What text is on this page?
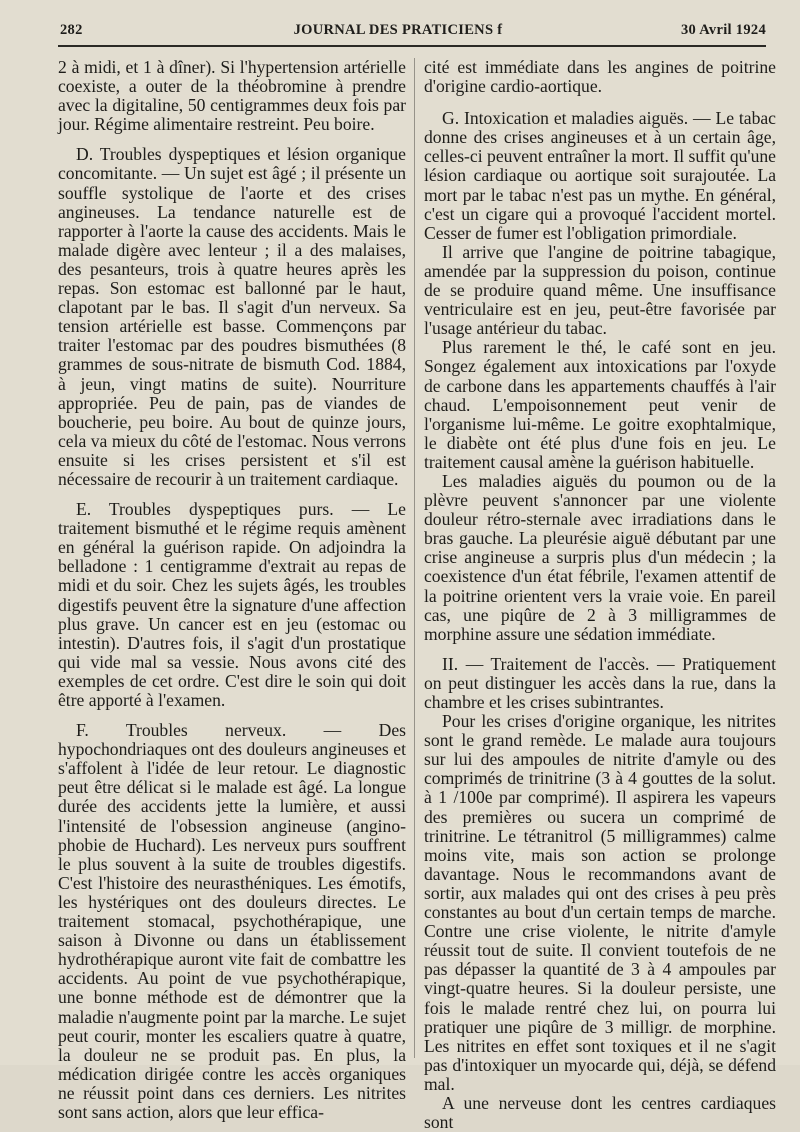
282	JOURNAL DES PRATICIENS f	30 Avril 1924

2 à midi, et 1 à dîner). Si l'hypertension artérielle coexiste, a outer de la théobromine à prendre avec la digitaline, 50 centigrammes deux fois par jour. Régime alimentaire restreint. Peu boire.

D. Troubles dyspeptiques et lésion organique concomitante. — Un sujet est âgé ; il présente un souffle systolique de l'aorte et des crises angineuses. La tendance naturelle est de rapporter à l'aorte la cause des accidents. Mais le malade digère avec lenteur ; il a des malaises, des pesanteurs, trois à quatre heures après les repas. Son estomac est ballonné par le haut, clapotant par le bas. Il s'agit d'un nerveux. Sa tension artérielle est basse. Commençons par traiter l'estomac par des poudres bismuthées (8 grammes de sous-nitrate de bismuth Cod. 1884, à jeun, vingt matins de suite). Nourriture appropriée. Peu de pain, pas de viandes de boucherie, peu boire. Au bout de quinze jours, cela va mieux du côté de l'estomac. Nous verrons ensuite si les crises persistent et s'il est nécessaire de recourir à un traitement cardiaque.

E. Troubles dyspeptiques purs. — Le traitement bismuthé et le régime requis amènent en général la guérison rapide. On adjoindra la belladone : 1 centigramme d'extrait au repas de midi et du soir. Chez les sujets âgés, les troubles digestifs peuvent être la signature d'une affection plus grave. Un cancer est en jeu (estomac ou intestin). D'autres fois, il s'agit d'un prostatique qui vide mal sa vessie. Nous avons cité des exemples de cet ordre. C'est dire le soin qui doit être apporté à l'examen.

F. Troubles nerveux. — Des hypochondriaques ont des douleurs angineuses et s'affolent à l'idée de leur retour. Le diagnostic peut être délicat si le malade est âgé. La longue durée des accidents jette la lumière, et aussi l'intensité de l'obsession angineuse (angino-phobie de Huchard). Les nerveux purs souffrent le plus souvent à la suite de troubles digestifs. C'est l'histoire des neurasthéniques. Les émotifs, les hystériques ont des douleurs directes. Le traitement stomacal, psychothérapique, une saison à Divonne ou dans un établissement hydrothérapique auront vite fait de combattre les accidents. Au point de vue psychothérapique, une bonne méthode est de démontrer que la maladie n'augmente point par la marche. Le sujet peut courir, monter les escaliers quatre à quatre, la douleur ne se produit pas. En plus, la médication dirigée contre les accès organiques ne réussit point dans ces derniers. Les nitrites sont sans action, alors que leur effica-

cité est immédiate dans les angines de poitrine d'origine cardio-aortique.

G. Intoxication et maladies aiguës. — Le tabac donne des crises angineuses et à un certain âge, celles-ci peuvent entraîner la mort. Il suffit qu'une lésion cardiaque ou aortique soit surajoutée. La mort par le tabac n'est pas un mythe. En général, c'est un cigare qui a provoqué l'accident mortel. Cesser de fumer est l'obligation primordiale.

Il arrive que l'angine de poitrine tabagique, amendée par la suppression du poison, continue de se produire quand même. Une insuffisance ventriculaire est en jeu, peut-être favorisée par l'usage antérieur du tabac.

Plus rarement le thé, le café sont en jeu. Songez également aux intoxications par l'oxyde de carbone dans les appartements chauffés à l'air chaud. L'empoisonnement peut venir de l'organisme lui-même. Le goitre exophtalmique, le diabète ont été plus d'une fois en jeu. Le traitement causal amène la guérison habituelle.

Les maladies aiguës du poumon ou de la plèvre peuvent s'annoncer par une violente douleur rétro-sternale avec irradiations dans le bras gauche. La pleurésie aiguë débutant par une crise angineuse a surpris plus d'un médecin ; la coexistence d'un état fébrile, l'examen attentif de la poitrine orientent vers la vraie voie. En pareil cas, une piqûre de 2 à 3 milligrammes de morphine assure une sédation immédiate.

II. — Traitement de l'accès. — Pratiquement on peut distinguer les accès dans la rue, dans la chambre et les crises subintrantes.

Pour les crises d'origine organique, les nitrites sont le grand remède. Le malade aura toujours sur lui des ampoules de nitrite d'amyle ou des comprimés de trinitrine (3 à 4 gouttes de la solut. à 1 /100e par comprimé). Il aspirera les vapeurs des premières ou sucera un comprimé de trinitrine. Le tétranitrol (5 milligrammes) calme moins vite, mais son action se prolonge davantage. Nous le recommandons avant de sortir, aux malades qui ont des crises à peu près constantes au bout d'un certain temps de marche. Contre une crise violente, le nitrite d'amyle réussit tout de suite. Il convient toutefois de ne pas dépasser la quantité de 3 à 4 ampoules par vingt-quatre heures. Si la douleur persiste, une fois le malade rentré chez lui, on pourra lui pratiquer une piqûre de 3 milligr. de morphine. Les nitrites en effet sont toxiques et il ne s'agit pas d'intoxiquer un myocarde qui, déjà, se défend mal.

A une nerveuse dont les centres cardiaques sont
